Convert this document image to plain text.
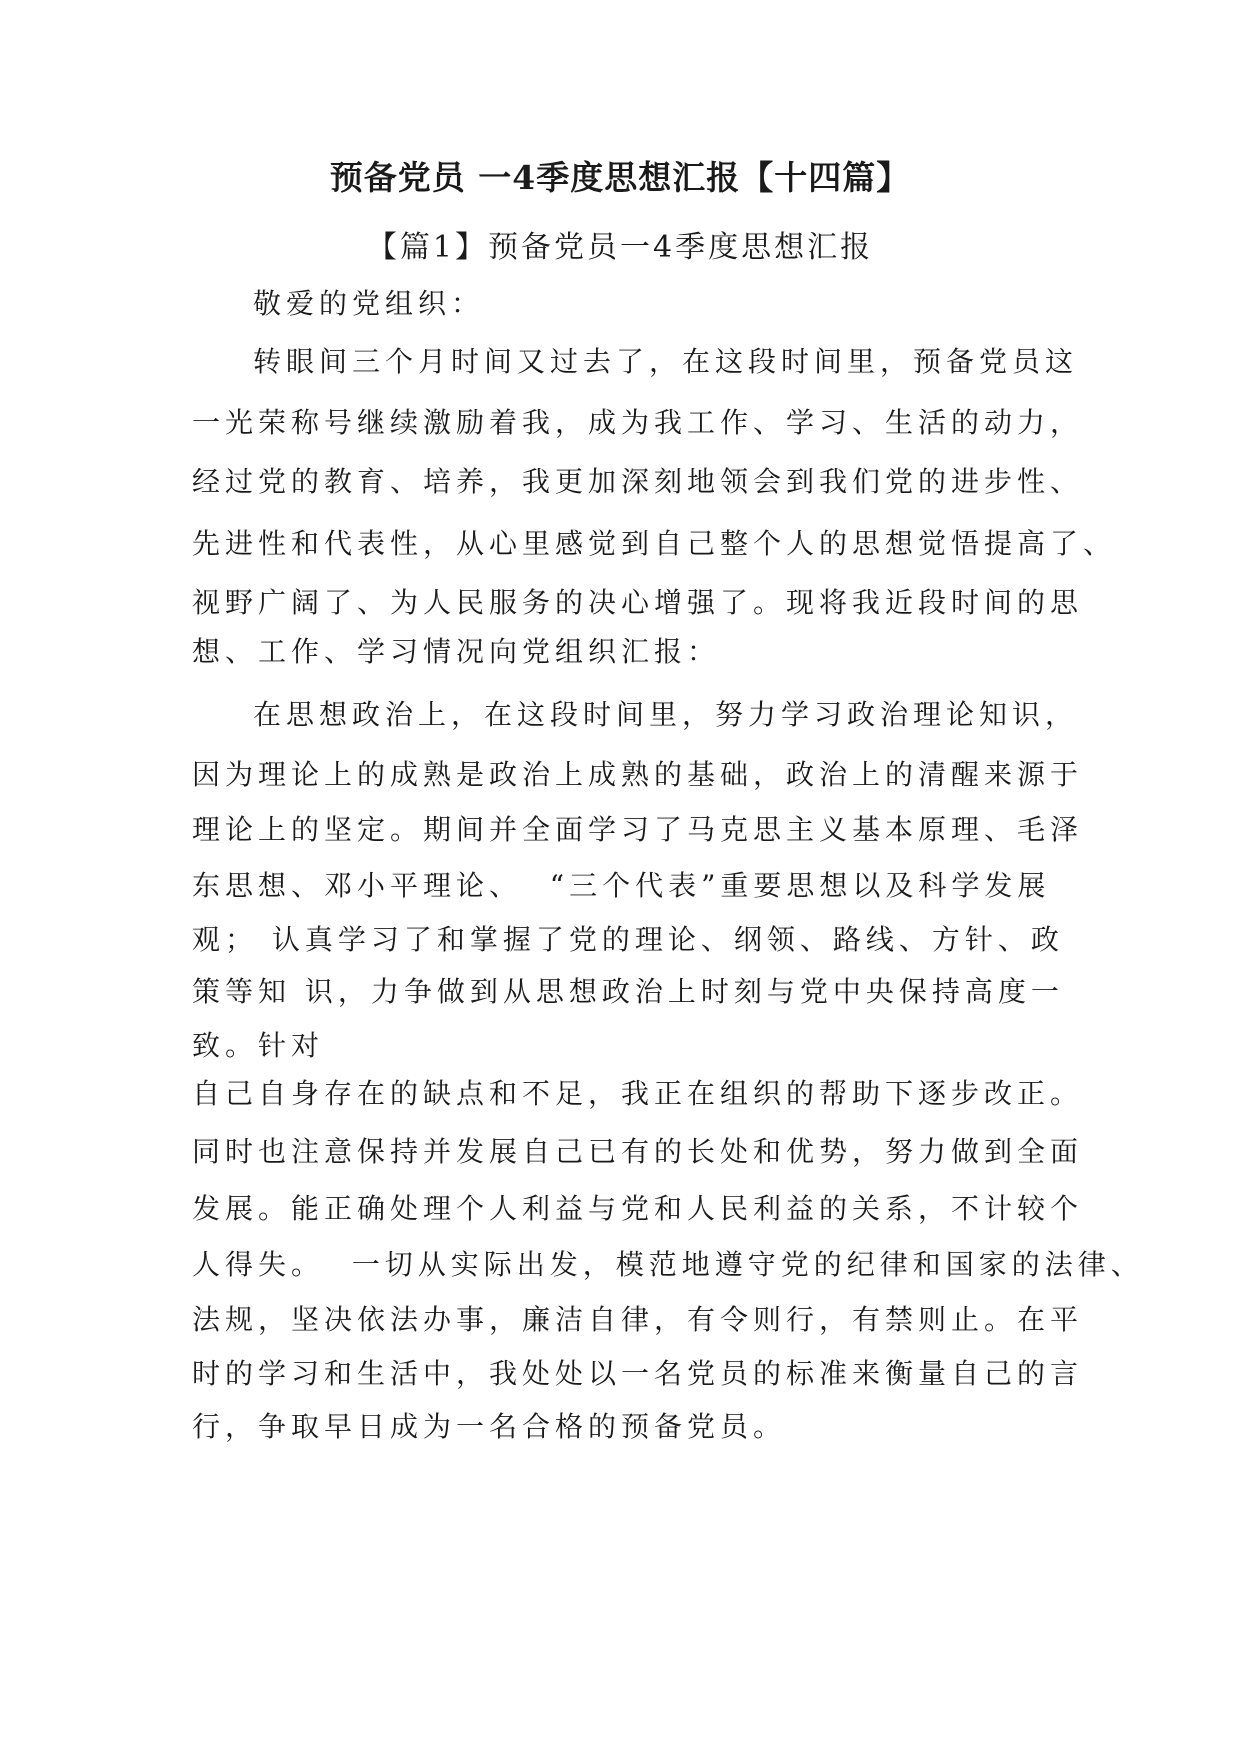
预备党员 一4季度思想汇报【十四篇】
【篇1】预备党员一4季度思想汇报
敬爱的党组织：
转眼间三个月时间又过去了，在这段时间里，预备党员这
一光荣称号继续激励着我，成为我工作、学习、生活的动力，
经过党的教育、培养，我更加深刻地领会到我们党的进步性、
先进性和代表性，从心里感觉到自己整个人的思想觉悟提高了、
视野广阔了、为人民服务的决心增强了。现将我近段时间的思
想、工作、学习情况向党组织汇报：
在思想政治上，在这段时间里，努力学习政治理论知识，
因为理论上的成熟是政治上成熟的基础，政治上的清醒来源于
理论上的坚定。期间并全面学习了马克思主义基本原理、毛泽
东思想、邓小平理论、  “三个代表”重要思想以及科学发展
观； 认真学习了和掌握了党的理论、纲领、路线、方针、政
策等知 识，力争做到从思想政治上时刻与党中央保持高度一
致。针对
自己自身存在的缺点和不足，我正在组织的帮助下逐步改正。
同时也注意保持并发展自己已有的长处和优势，努力做到全面
发展。能正确处理个人利益与党和人民利益的关系，不计较个
人得失。  一切从实际出发，模范地遵守党的纪律和国家的法律、
法规，坚决依法办事，廉洁自律，有令则行，有禁则止。在平
时的学习和生活中，我处处以一名党员的标准来衡量自己的言
行，争取早日成为一名合格的预备党员。
